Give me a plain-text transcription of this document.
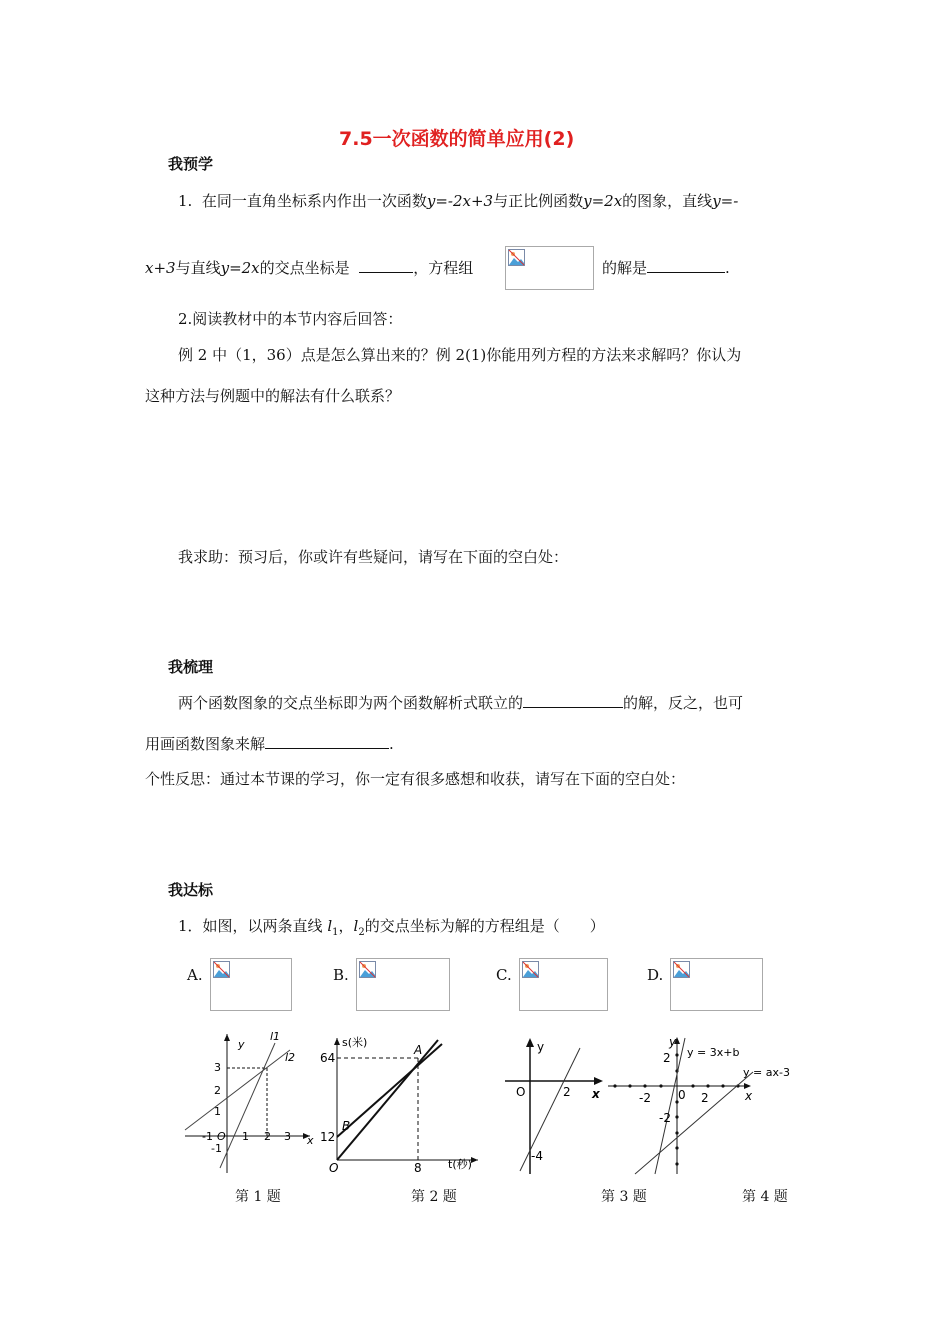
7.5一次函数的简单应用(2)
我预学
1. 在同一直角坐标系内作出一次函数y=-2x+3与正比例函数y=2x的图象，直线y=-
x+3与直线y=2x的交点坐标是	，方程组	的解是	.
2.阅读教材中的本节内容后回答：
例 2 中（1，36）点是怎么算出来的？例 2(1)你能用列方程的方法来求解吗？你认为
这种方法与例题中的解法有什么联系？
我求助：预习后，你或许有些疑问，请写在下面的空白处：
我梳理
两个函数图象的交点坐标即为两个函数解析式联立的	的解，反之，也可
用画函数图象来解	.
个性反思：通过本节课的学习，你一定有很多感想和收获，请写在下面的空白处：
我达标
1．如图，以两条直线 $l_1$，$l_2$的交点坐标为解的方程组是（　　）
A.	B.	C.	D.
y
l1
l2
3
2
1
-1 O 1 2 3 x
-1
s(米)
A
64
B
12
O	8 t(秒)
y
O	2 x
-4
y
y = 3x+b
2
y = ax-3
-2 0 2	x
-2
第 1 题	第 2 题	第 3 题	第 4 题
